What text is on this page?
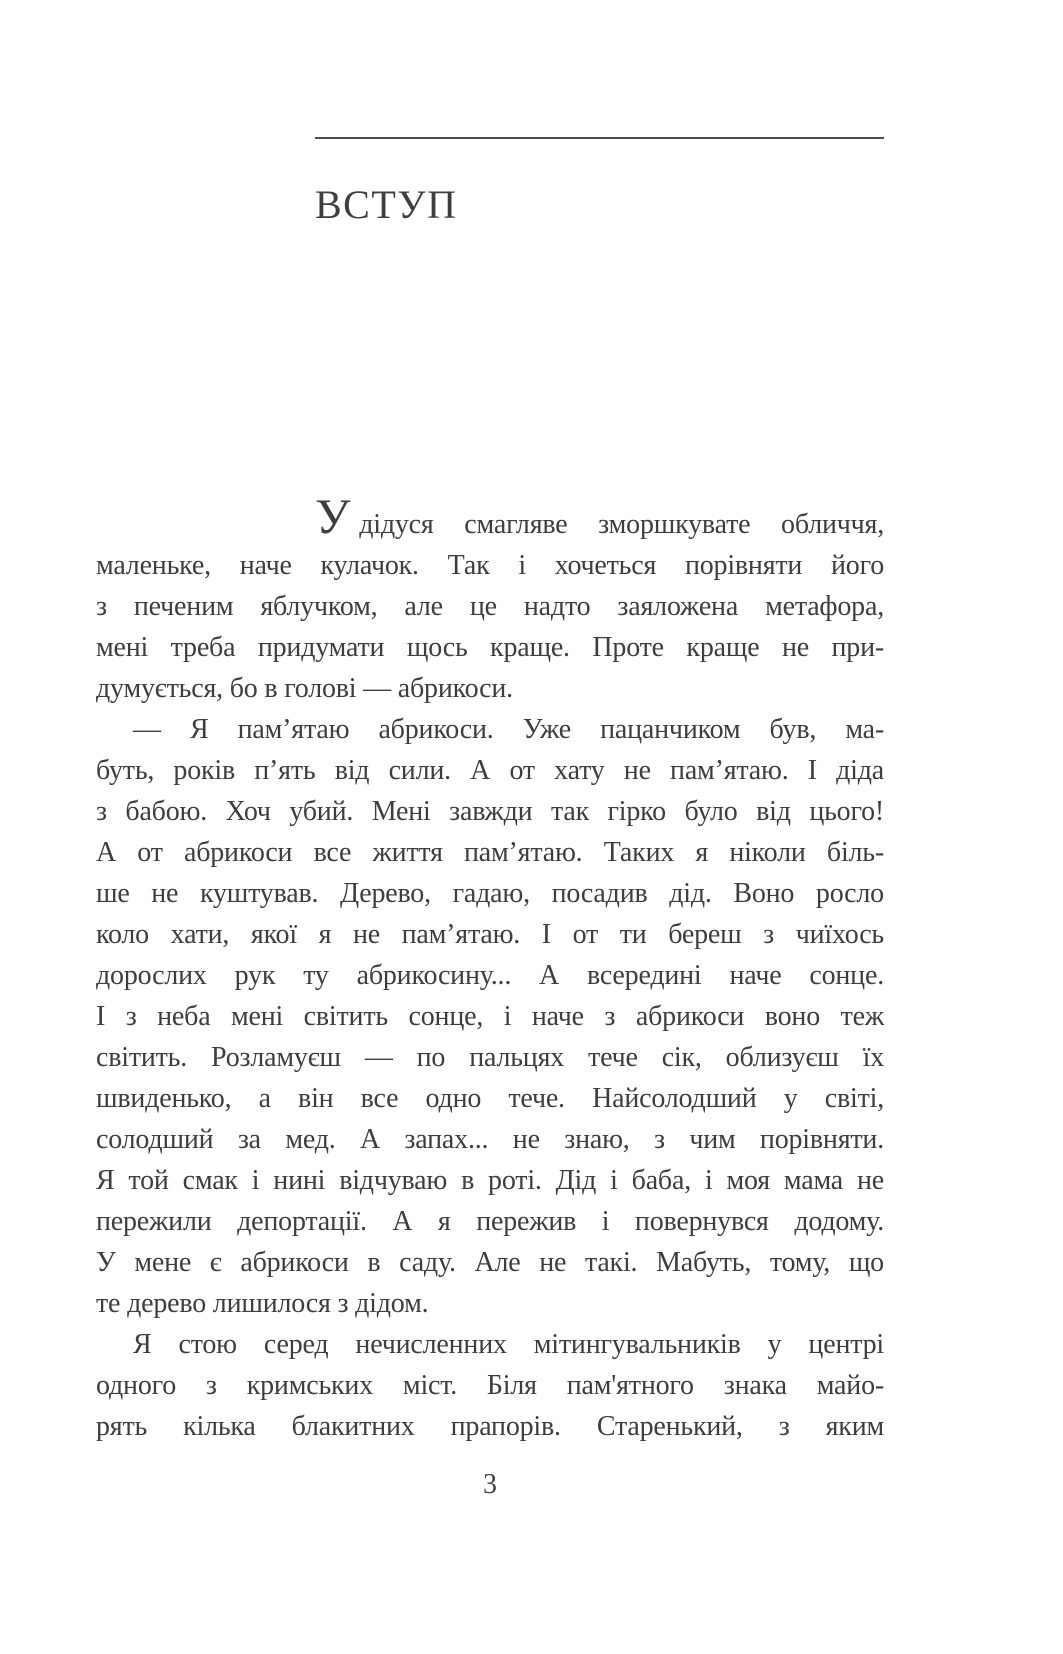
ВСТУП
Удідуся смагляве зморшкувате обличчя,
маленьке, наче кулачок. Так і хочеться порівняти його
з печеним яблучком, але це надто заяложена метафора,
мені треба придумати щось краще. Проте краще не при-
думується, бо в голові — абрикоси.
— Я пам’ятаю абрикоси. Уже пацанчиком був, ма-
буть, років п’ять від сили. А от хату не пам’ятаю. І діда
з бабою. Хоч убий. Мені завжди так гірко було від цього!
А от абрикоси все життя пам’ятаю. Таких я ніколи біль-
ше не куштував. Дерево, гадаю, посадив дід. Воно росло
коло хати, якої я не пам’ятаю. І от ти береш з чиїхось
дорослих рук ту абрикосину... А всередині наче сонце.
І з неба мені світить сонце, і наче з абрикоси воно теж
світить. Розламуєш — по пальцях тече сік, облизуєш їх
швиденько, а він все одно тече. Найсолодший у світі,
солодший за мед. А запах... не знаю, з чим порівняти.
Я той смак і нині відчуваю в роті. Дід і баба, і моя мама не
пережили депортації. А я пережив і повернувся додому.
У мене є абрикоси в саду. Але не такі. Мабуть, тому, що
те дерево лишилося з дідом.
Я стою серед нечисленних мітингувальників у центрі
одного з кримських міст. Біля пам'ятного знака майо-
рять кілька блакитних прапорів. Старенький, з яким
3
